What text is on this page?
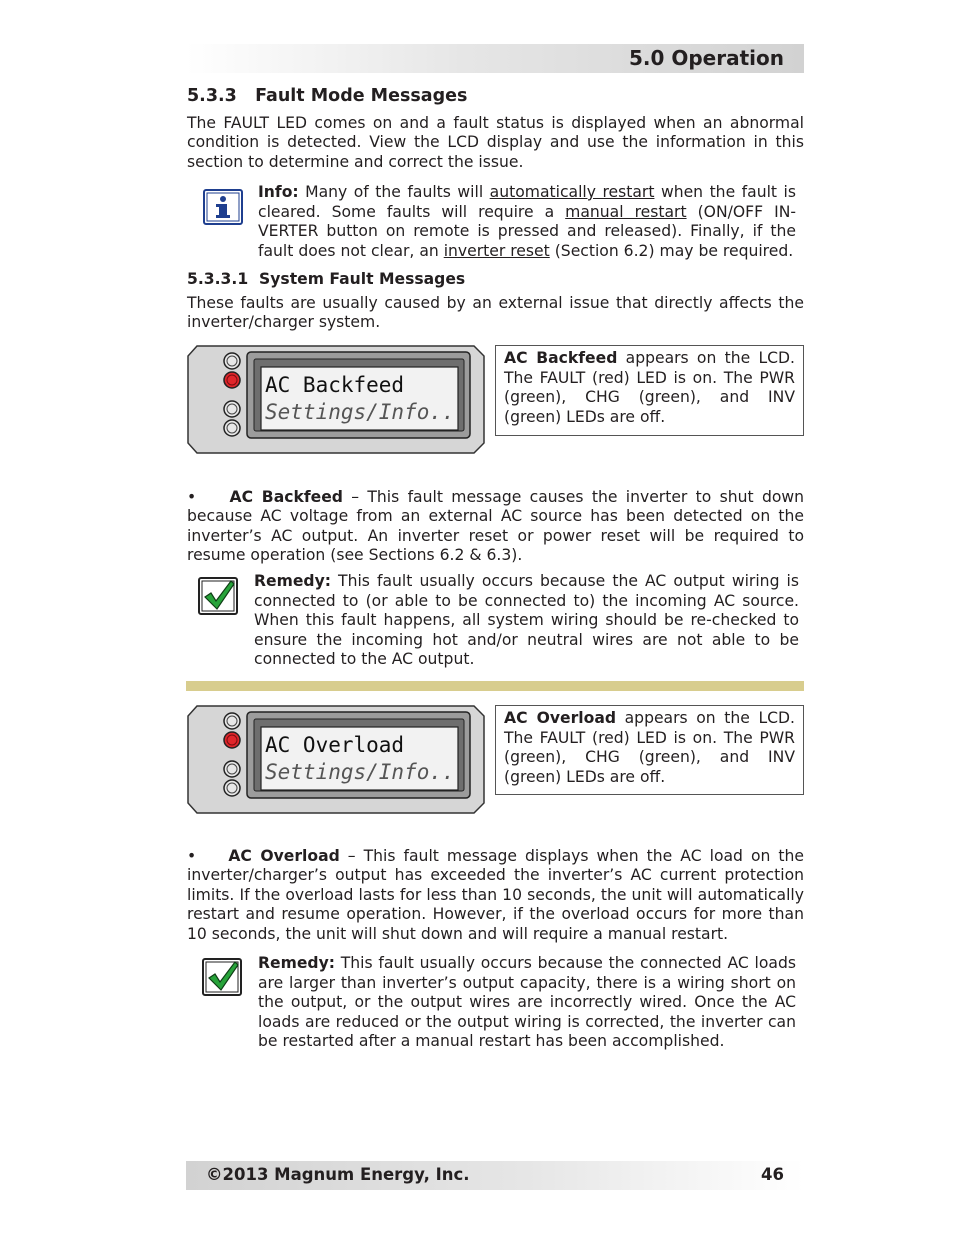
5.0 Operation
5.3.3   Fault Mode Messages
The FAULT LED comes on and a fault status is displayed when an abnormal condition is detected. View the LCD display and use the information in this section to determine and correct the issue.
Info: Many of the faults will automatically restart when the fault is cleared. Some faults will require a manual restart (ON/OFF IN-VERTER button on remote is pressed and released). Finally, if the fault does not clear, an inverter reset (Section 6.2) may be required.
5.3.3.1  System Fault Messages
These faults are usually caused by an external issue that directly affects the inverter/charger system.
AC Backfeed
Settings/Info..
AC Backfeed appears on the LCD. The FAULT (red) LED is on. The PWR (green), CHG (green), and INV (green) LEDs are off.
• AC Backfeed – This fault message causes the inverter to shut down because AC voltage from an external AC source has been detected on the inverter’s AC output. An inverter reset or power reset will be required to resume operation (see Sections 6.2 & 6.3).
Remedy: This fault usually occurs because the AC output wiring is connected to (or able to be connected to) the incoming AC source. When this fault happens, all system wiring should be re-checked to ensure the incoming hot and/or neutral wires are not able to be connected to the AC output.
AC Overload
Settings/Info..
AC Overload appears on the LCD. The FAULT (red) LED is on. The PWR (green), CHG (green), and INV (green) LEDs are off.
• AC Overload – This fault message displays when the AC load on the inverter/charger’s output has exceeded the inverter’s AC current protection limits. If the overload lasts for less than 10 seconds, the unit will automatically restart and resume operation. However, if the overload occurs for more than 10 seconds, the unit will shut down and will require a manual restart.
Remedy: This fault usually occurs because the connected AC loads are larger than inverter’s output capacity, there is a wiring short on the output, or the output wires are incorrectly wired. Once the AC loads are reduced or the output wiring is corrected, the inverter can be restarted after a manual restart has been accomplished.
©2013 Magnum Energy, Inc.	46
